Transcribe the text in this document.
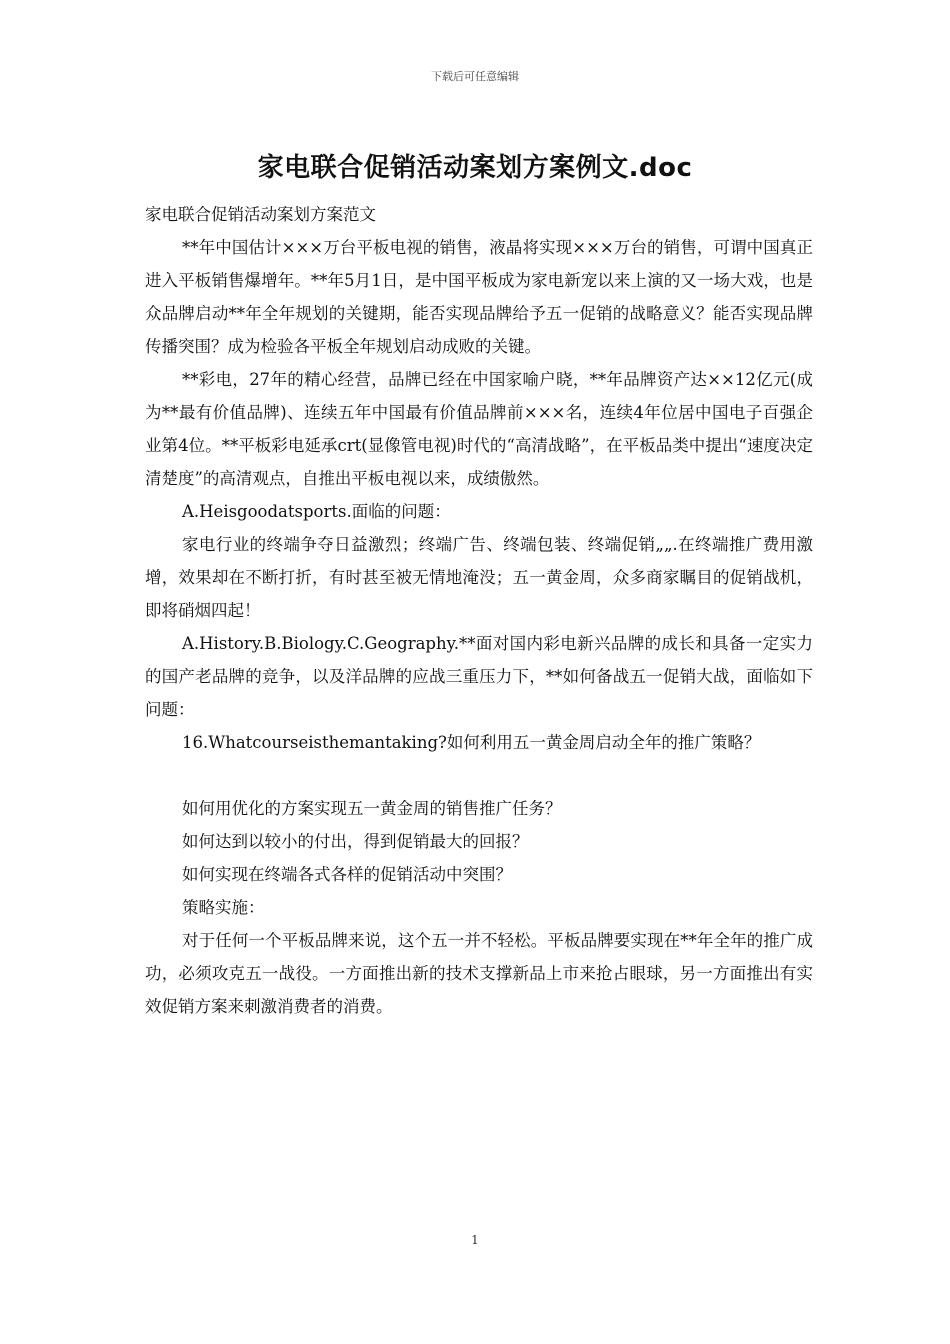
下载后可任意编辑
家电联合促销活动案划方案例文.doc

家电联合促销活动案划方案范文

**年中国估计×××万台平板电视的销售，液晶将实现×××万台的销售，可谓中国真正进入平板销售爆增年。**年5月1日，是中国平板成为家电新宠以来上演的又一场大戏，也是众品牌启动**年全年规划的关键期，能否实现品牌给予五一促销的战略意义？能否实现品牌传播突围？成为检验各平板全年规划启动成败的关键。

**彩电，27年的精心经营，品牌已经在中国家喻户晓，**年品牌资产达××12亿元(成为**最有价值品牌)、连续五年中国最有价值品牌前×××名，连续4年位居中国电子百强企业第4位。**平板彩电延承crt(显像管电视)时代的“高清战略”，在平板品类中提出“速度决定清楚度”的高清观点，自推出平板电视以来，成绩傲然。

A.Heisgoodatsports.面临的问题：

家电行业的终端争夺日益激烈；终端广告、终端包装、终端促销„„.在终端推广费用激增，效果却在不断打折，有时甚至被无情地淹没；五一黄金周，众多商家瞩目的促销战机，即将硝烟四起！

A.History.B.Biology.C.Geography.**面对国内彩电新兴品牌的成长和具备一定实力的国产老品牌的竞争，以及洋品牌的应战三重压力下，**如何备战五一促销大战，面临如下问题：

16.Whatcourseisthemantaking?如何利用五一黄金周启动全年的推广策略？

如何用优化的方案实现五一黄金周的销售推广任务？

如何达到以较小的付出，得到促销最大的回报？

如何实现在终端各式各样的促销活动中突围？

策略实施：

对于任何一个平板品牌来说，这个五一并不轻松。平板品牌要实现在**年全年的推广成功，必须攻克五一战役。一方面推出新的技术支撑新品上市来抢占眼球，另一方面推出有实效促销方案来刺激消费者的消费。

1
